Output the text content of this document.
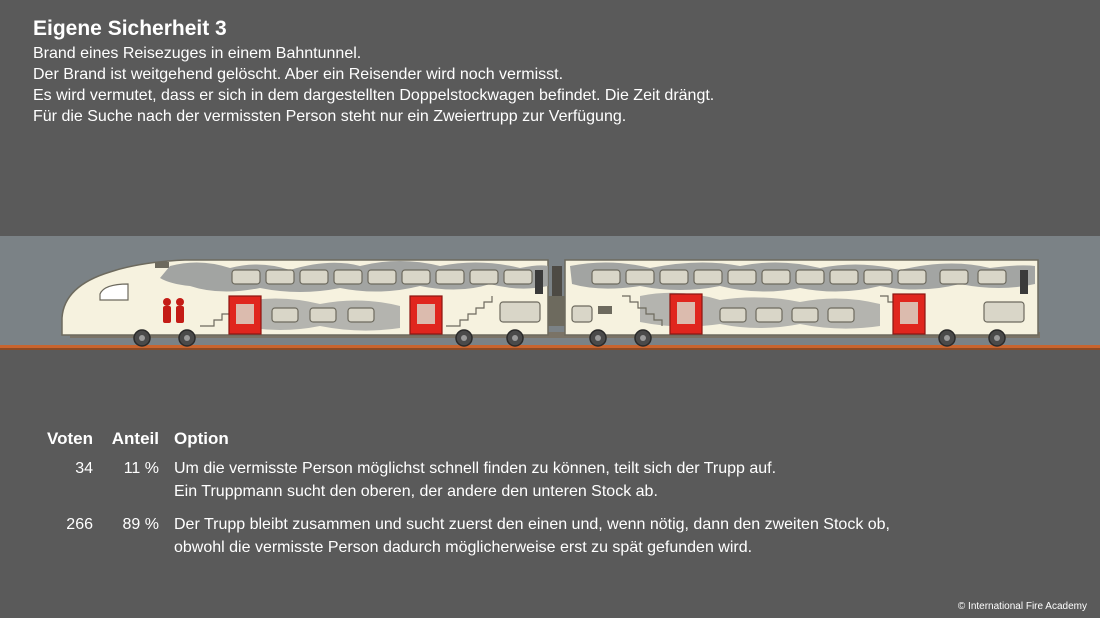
Eigene Sicherheit 3
Brand eines Reisezuges in einem Bahntunnel.
Der Brand ist weitgehend gelöscht. Aber ein Reisender wird noch vermisst.
Es wird vermutet, dass er sich in dem dargestellten Doppelstockwagen befindet. Die Zeit drängt.
Für die Suche nach der vermissten Person steht nur ein Zweiertrupp zur Verfügung.
Voten	Anteil Option
34	11 % Um die vermisste Person möglichst schnell finden zu können, teilt sich der Trupp auf.
Ein Truppmann sucht den oberen, der andere den unteren Stock ab.
266	89 % Der Trupp bleibt zusammen und sucht zuerst den einen und, wenn nötig, dann den zweiten Stock ob,
obwohl die vermisste Person dadurch möglicherweise erst zu spät gefunden wird.
© International Fire Academy
